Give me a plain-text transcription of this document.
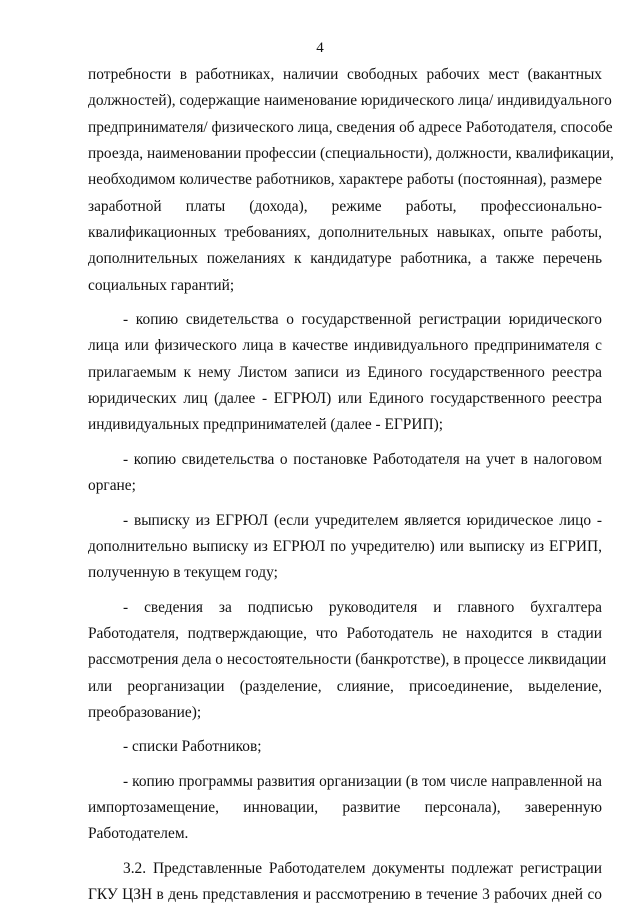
4
потребности в работниках, наличии свободных рабочих мест (вакантных
должностей), содержащие наименование юридического лица/ индивидуального
предпринимателя/ физического лица, сведения об адресе Работодателя, способе
проезда, наименовании профессии (специальности), должности, квалификации,
необходимом количестве работников, характере работы (постоянная), размере
заработной платы (дохода), режиме работы, профессионально-
квалификационных требованиях, дополнительных навыках, опыте работы,
дополнительных пожеланиях к кандидатуре работника, а также перечень
социальных гарантий;
- копию свидетельства о государственной регистрации юридического
лица или физического лица в качестве индивидуального предпринимателя с
прилагаемым к нему Листом записи из Единого государственного реестра
юридических лиц (далее - ЕГРЮЛ) или Единого государственного реестра
индивидуальных предпринимателей (далее - ЕГРИП);
- копию свидетельства о постановке Работодателя на учет в налоговом
органе;
- выписку из ЕГРЮЛ (если учредителем является юридическое лицо -
дополнительно выписку из ЕГРЮЛ по учредителю) или выписку из ЕГРИП,
полученную в текущем году;
- сведения за подписью руководителя и главного бухгалтера
Работодателя, подтверждающие, что Работодатель не находится в стадии
рассмотрения дела о несостоятельности (банкротстве), в процессе ликвидации
или реорганизации (разделение, слияние, присоединение, выделение,
преобразование);
- списки Работников;
- копию программы развития организации (в том числе направленной на
импортозамещение, инновации, развитие персонала), заверенную
Работодателем.
3.2. Представленные Работодателем документы подлежат регистрации
ГКУ ЦЗН в день представления и рассмотрению в течение 3 рабочих дней со
